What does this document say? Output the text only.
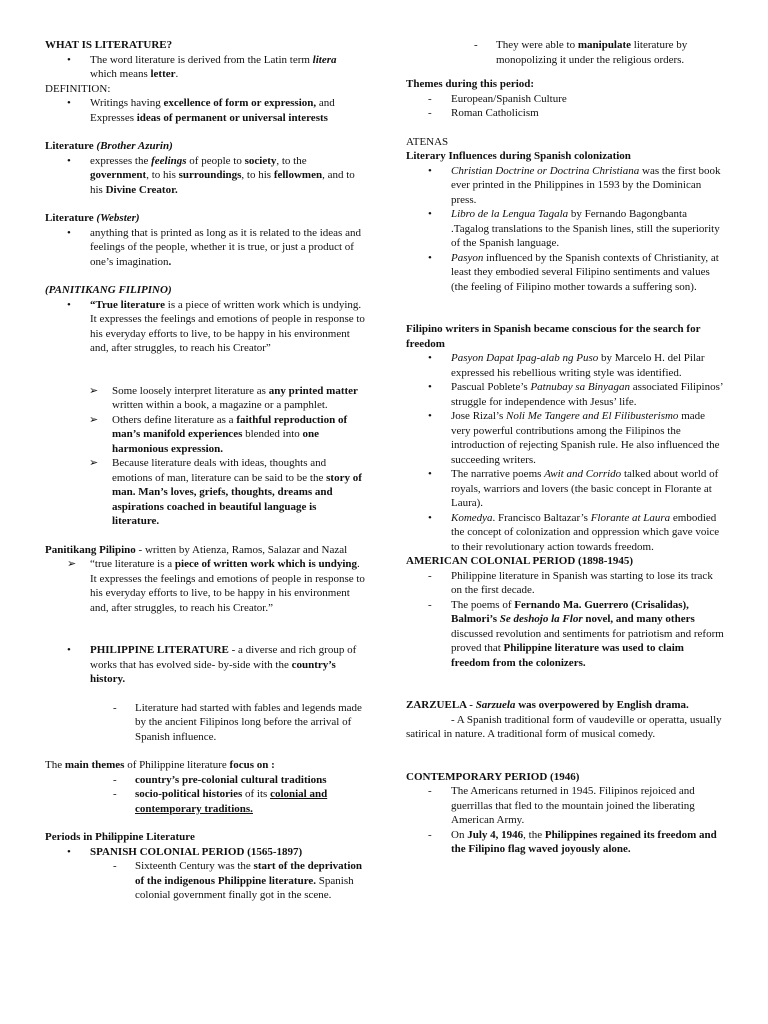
WHAT IS LITERATURE?
• The word literature is derived from the Latin term litera which means letter.
DEFINITION:
• Writings having excellence of form or expression, and Expresses ideas of permanent or universal interests
Literature (Brother Azurin)
• expresses the feelings of people to society, to the government, to his surroundings, to his fellowmen, and to his Divine Creator.
Literature (Webster)
• anything that is printed as long as it is related to the ideas and feelings of the people, whether it is true, or just a product of one’s imagination.
(PANITIKANG FILIPINO)
• “True literature is a piece of written work which is undying. It expresses the feelings and emotions of people in response to his everyday efforts to live, to be happy in his environment and, after struggles, to reach his Creator”
➢ Some loosely interpret literature as any printed matter written within a book, a magazine or a pamphlet.
➢ Others define literature as a faithful reproduction of man’s manifold experiences blended into one harmonious expression.
➢ Because literature deals with ideas, thoughts and emotions of man, literature can be said to be the story of man. Man’s loves, griefs, thoughts, dreams and aspirations coached in beautiful language is literature.
Panitikang Pilipino - written by Atienza, Ramos, Salazar and Nazal
➢ “true literature is a piece of written work which is undying. It expresses the feelings and emotions of people in response to his everyday efforts to live, to be happy in his environment and, after struggles, to reach his Creator.”
• PHILIPPINE LITERATURE - a diverse and rich group of works that has evolved side- by-side with the country’s history.
- Literature had started with fables and legends made by the ancient Filipinos long before the arrival of Spanish influence.
The main themes of Philippine literature focus on :
- country’s pre-colonial cultural traditions
- socio-political histories of its colonial and contemporary traditions.
Periods in Philippine Literature
• SPANISH COLONIAL PERIOD (1565-1897)
- Sixteenth Century was the start of the deprivation of the indigenous Philippine literature. Spanish colonial government finally got in the scene.
- They were able to manipulate literature by monopolizing it under the religious orders.
Themes during this period:
- European/Spanish Culture
- Roman Catholicism
ATENAS
Literary Influences during Spanish colonization
• Christian Doctrine or Doctrina Christiana was the first book ever printed in the Philippines in 1593 by the Dominican press.
• Libro de la Lengua Tagala by Fernando Bagongbanta .Tagalog translations to the Spanish lines, still the superiority of the Spanish language.
• Pasyon influenced by the Spanish contexts of Christianity, at least they embodied several Filipino sentiments and values (the feeling of Filipino mother towards a suffering son).
Filipino writers in Spanish became conscious for the search for freedom
• Pasyon Dapat Ipag-alab ng Puso by Marcelo H. del Pilar expressed his rebellious writing style was identified.
• Pascual Poblete’s Patnubay sa Binyagan associated Filipinos’ struggle for independence with Jesus’ life.
• Jose Rizal’s Noli Me Tangere and El Filibusterismo made very powerful contributions among the Filipinos the introduction of rejecting Spanish rule. He also influenced the succeeding writers.
• The narrative poems Awit and Corrido talked about world of royals, warriors and lovers (the basic concept in Florante at Laura).
• Komedya. Francisco Baltazar’s Florante at Laura embodied the concept of colonization and oppression which gave voice to their revolutionary action towards freedom.
AMERICAN COLONIAL PERIOD (1898-1945)
- Philippine literature in Spanish was starting to lose its track on the first decade.
- The poems of Fernando Ma. Guerrero (Crisalidas), Balmori’s Se deshojo la Flor novel, and many others discussed revolution and sentiments for patriotism and reform proved that Philippine literature was used to claim freedom from the colonizers.
ZARZUELA - Sarzuela was overpowered by English drama.
- A Spanish traditional form of vaudeville or operatta, usually satirical in nature. A traditional form of musical comedy.
CONTEMPORARY PERIOD (1946)
- The Americans returned in 1945. Filipinos rejoiced and guerrillas that fled to the mountain joined the liberating American Army.
- On July 4, 1946, the Philippines regained its freedom and the Filipino flag waved joyously alone.
